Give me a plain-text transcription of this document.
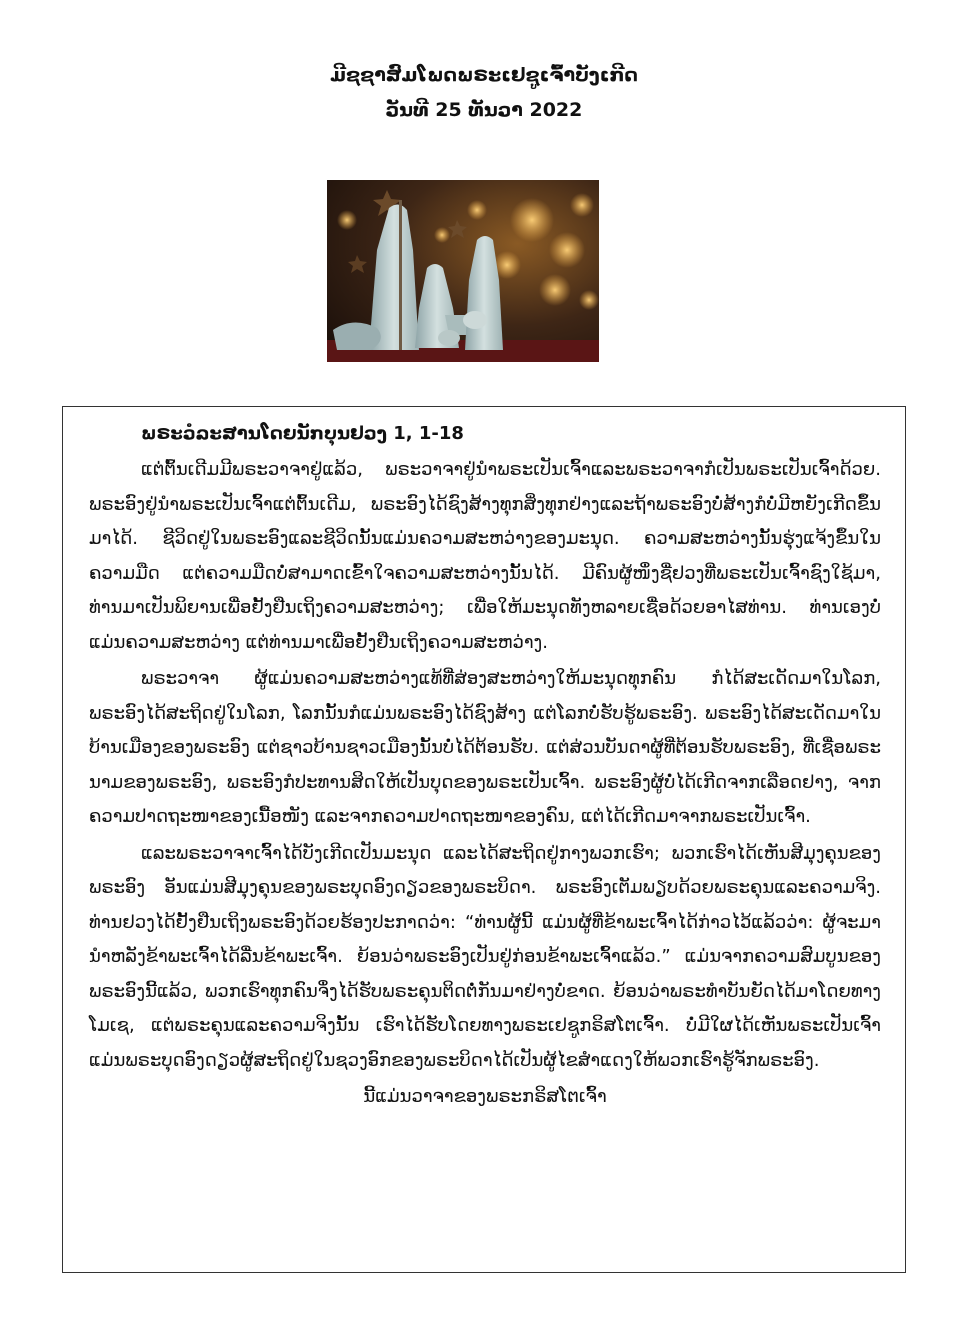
ມີຊຊາສົມໂພດພຣະເຢຊູເຈົ້າບັງເກີດ
ວັນທີ 25 ທັນວາ 2022
ພຣະວໍລະສານໂດຍນັກບຸນຢວງ 1, 1-18

ແຕ່ຕົ້ນເດີມມີພຣະວາຈາຢູ່ແລ້ວ, ພຣະວາຈາຢູ່ນຳພຣະເປັນເຈົ້າແລະພຣະວາຈາກໍເປັນພຣະເປັນເຈົ້າດ້ວຍ. ພຣະອົງຢູ່ນຳພຣະເປັນເຈົ້າແຕ່ຕົ້ນເດີມ, ພຣະອົງໄດ້ຊົງສ້າງທຸກສິ່ງທຸກຢ່າງແລະຖ້າພຣະອົງບໍ່ສ້າງກໍບໍ່ມີຫຍັງເກີດຂຶ້ນມາໄດ້. ຊີວິດຢູ່ໃນພຣະອົງແລະຊີວິດນັ້ນແມ່ນຄວາມສະຫວ່າງຂອງມະນຸດ. ຄວາມສະຫວ່າງນັ້ນຮຸ່ງແຈ້ງຂຶ້ນໃນຄວາມມືດ ແຕ່ຄວາມມືດບໍ່ສາມາດເຂົ້າໃຈຄວາມສະຫວ່າງນັ້ນໄດ້. ມີຄົນຜູ້ໜຶ່ງຊື່ຢວງທີ່ພຣະເປັນເຈົ້າຊົງໃຊ້ມາ, ທ່ານມາເປັນພິຍານເພື່ອຢັ້ງຢືນເຖິງຄວາມສະຫວ່າງ; ເພື່ອໃຫ້ມະນຸດທັງຫລາຍເຊື່ອດ້ວຍອາໄສທ່ານ. ທ່ານເອງບໍ່ແມ່ນຄວາມສະຫວ່າງ ແຕ່ທ່ານມາເພື່ອຢັ້ງຢືນເຖິງຄວາມສະຫວ່າງ.

ພຣະວາຈາ ຜູ້ແມ່ນຄວາມສະຫວ່າງແທ້ທີ່ສ່ອງສະຫວ່າງໃຫ້ມະນຸດທຸກຄົນ ກໍໄດ້ສະເດັດມາໃນໂລກ, ພຣະອົງໄດ້ສະຖິດຢູ່ໃນໂລກ, ໂລກນັ້ນກໍແມ່ນພຣະອົງໄດ້ຊົງສ້າງ ແຕ່ໂລກບໍ່ຮັບຮູ້ພຣະອົງ. ພຣະອົງໄດ້ສະເດັດມາໃນບ້ານເມືອງຂອງພຣະອົງ ແຕ່ຊາວບ້ານຊາວເມືອງນັ້ນບໍ່ໄດ້ຕ້ອນຮັບ. ແຕ່ສ່ວນບັນດາຜູ້ທີ່ຕ້ອນຮັບພຣະອົງ, ທີ່ເຊື່ອພຣະນາມຂອງພຣະອົງ, ພຣະອົງກໍປະທານສິດໃຫ້ເປັນບຸດຂອງພຣະເປັນເຈົ້າ. ພຣະອົງຜູ້ບໍ່ໄດ້ເກີດຈາກເລືອດຢາງ, ຈາກຄວາມປາດຖະໜາຂອງເນື້ອໜັງ ແລະຈາກຄວາມປາດຖະໜາຂອງຄົນ, ແຕ່ໄດ້ເກີດມາຈາກພຣະເປັນເຈົ້າ.

ແລະພຣະວາຈາເຈົ້າໄດ້ບັງເກີດເປັນມະນຸດ ແລະໄດ້ສະຖິດຢູ່ກາງພວກເຮົາ; ພວກເຮົາໄດ້ເຫັນສີມຸງຄຸນຂອງພຣະອົງ ອັນແມ່ນສີມຸງຄຸນຂອງພຣະບຸດອົງດຽວຂອງພຣະບິດາ. ພຣະອົງເຕັມພຽບດ້ວຍພຣະຄຸນແລະຄວາມຈິງ. ທ່ານຢວງໄດ້ຢັ້ງຢືນເຖິງພຣະອົງດ້ວຍຮ້ອງປະກາດວ່າ: “ທ່ານຜູ້ນີ້ ແມ່ນຜູ້ທີ່ຂ້າພະເຈົ້າໄດ້ກ່າວໄວ້ແລ້ວວ່າ: ຜູ້ຈະມານຳຫລັງຂ້າພະເຈົ້າໄດ້ລື່ນຂ້າພະເຈົ້າ. ຍ້ອນວ່າພຣະອົງເປັນຢູ່ກ່ອນຂ້າພະເຈົ້າແລ້ວ.” ແມ່ນຈາກຄວາມສົມບູນຂອງພຣະອົງນີ້ແລ້ວ, ພວກເຮົາທຸກຄົນຈຶ່ງໄດ້ຮັບພຣະຄຸນຕິດຕໍ່ກັນມາຢ່າງບໍ່ຂາດ. ຍ້ອນວ່າພຣະທຳບັນຍັດໄດ້ມາໂດຍທາງໂມເຊ, ແຕ່ພຣະຄຸນແລະຄວາມຈິງນັ້ນ ເຮົາໄດ້ຮັບໂດຍທາງພຣະເຢຊູກຣິສໂຕເຈົ້າ. ບໍ່ມີໃຜໄດ້ເຫັນພຣະເປັນເຈົ້າແມ່ນພຣະບຸດອົງດຽວຜູ້ສະຖິດຢູ່ໃນຊວງອົກຂອງພຣະບິດາໄດ້ເປັນຜູ້ໄຂສຳແດງໃຫ້ພວກເຮົາຮູ້ຈັກພຣະອົງ.

ນີ້ແມ່ນວາຈາຂອງພຣະກຣິສໂຕເຈົ້າ
